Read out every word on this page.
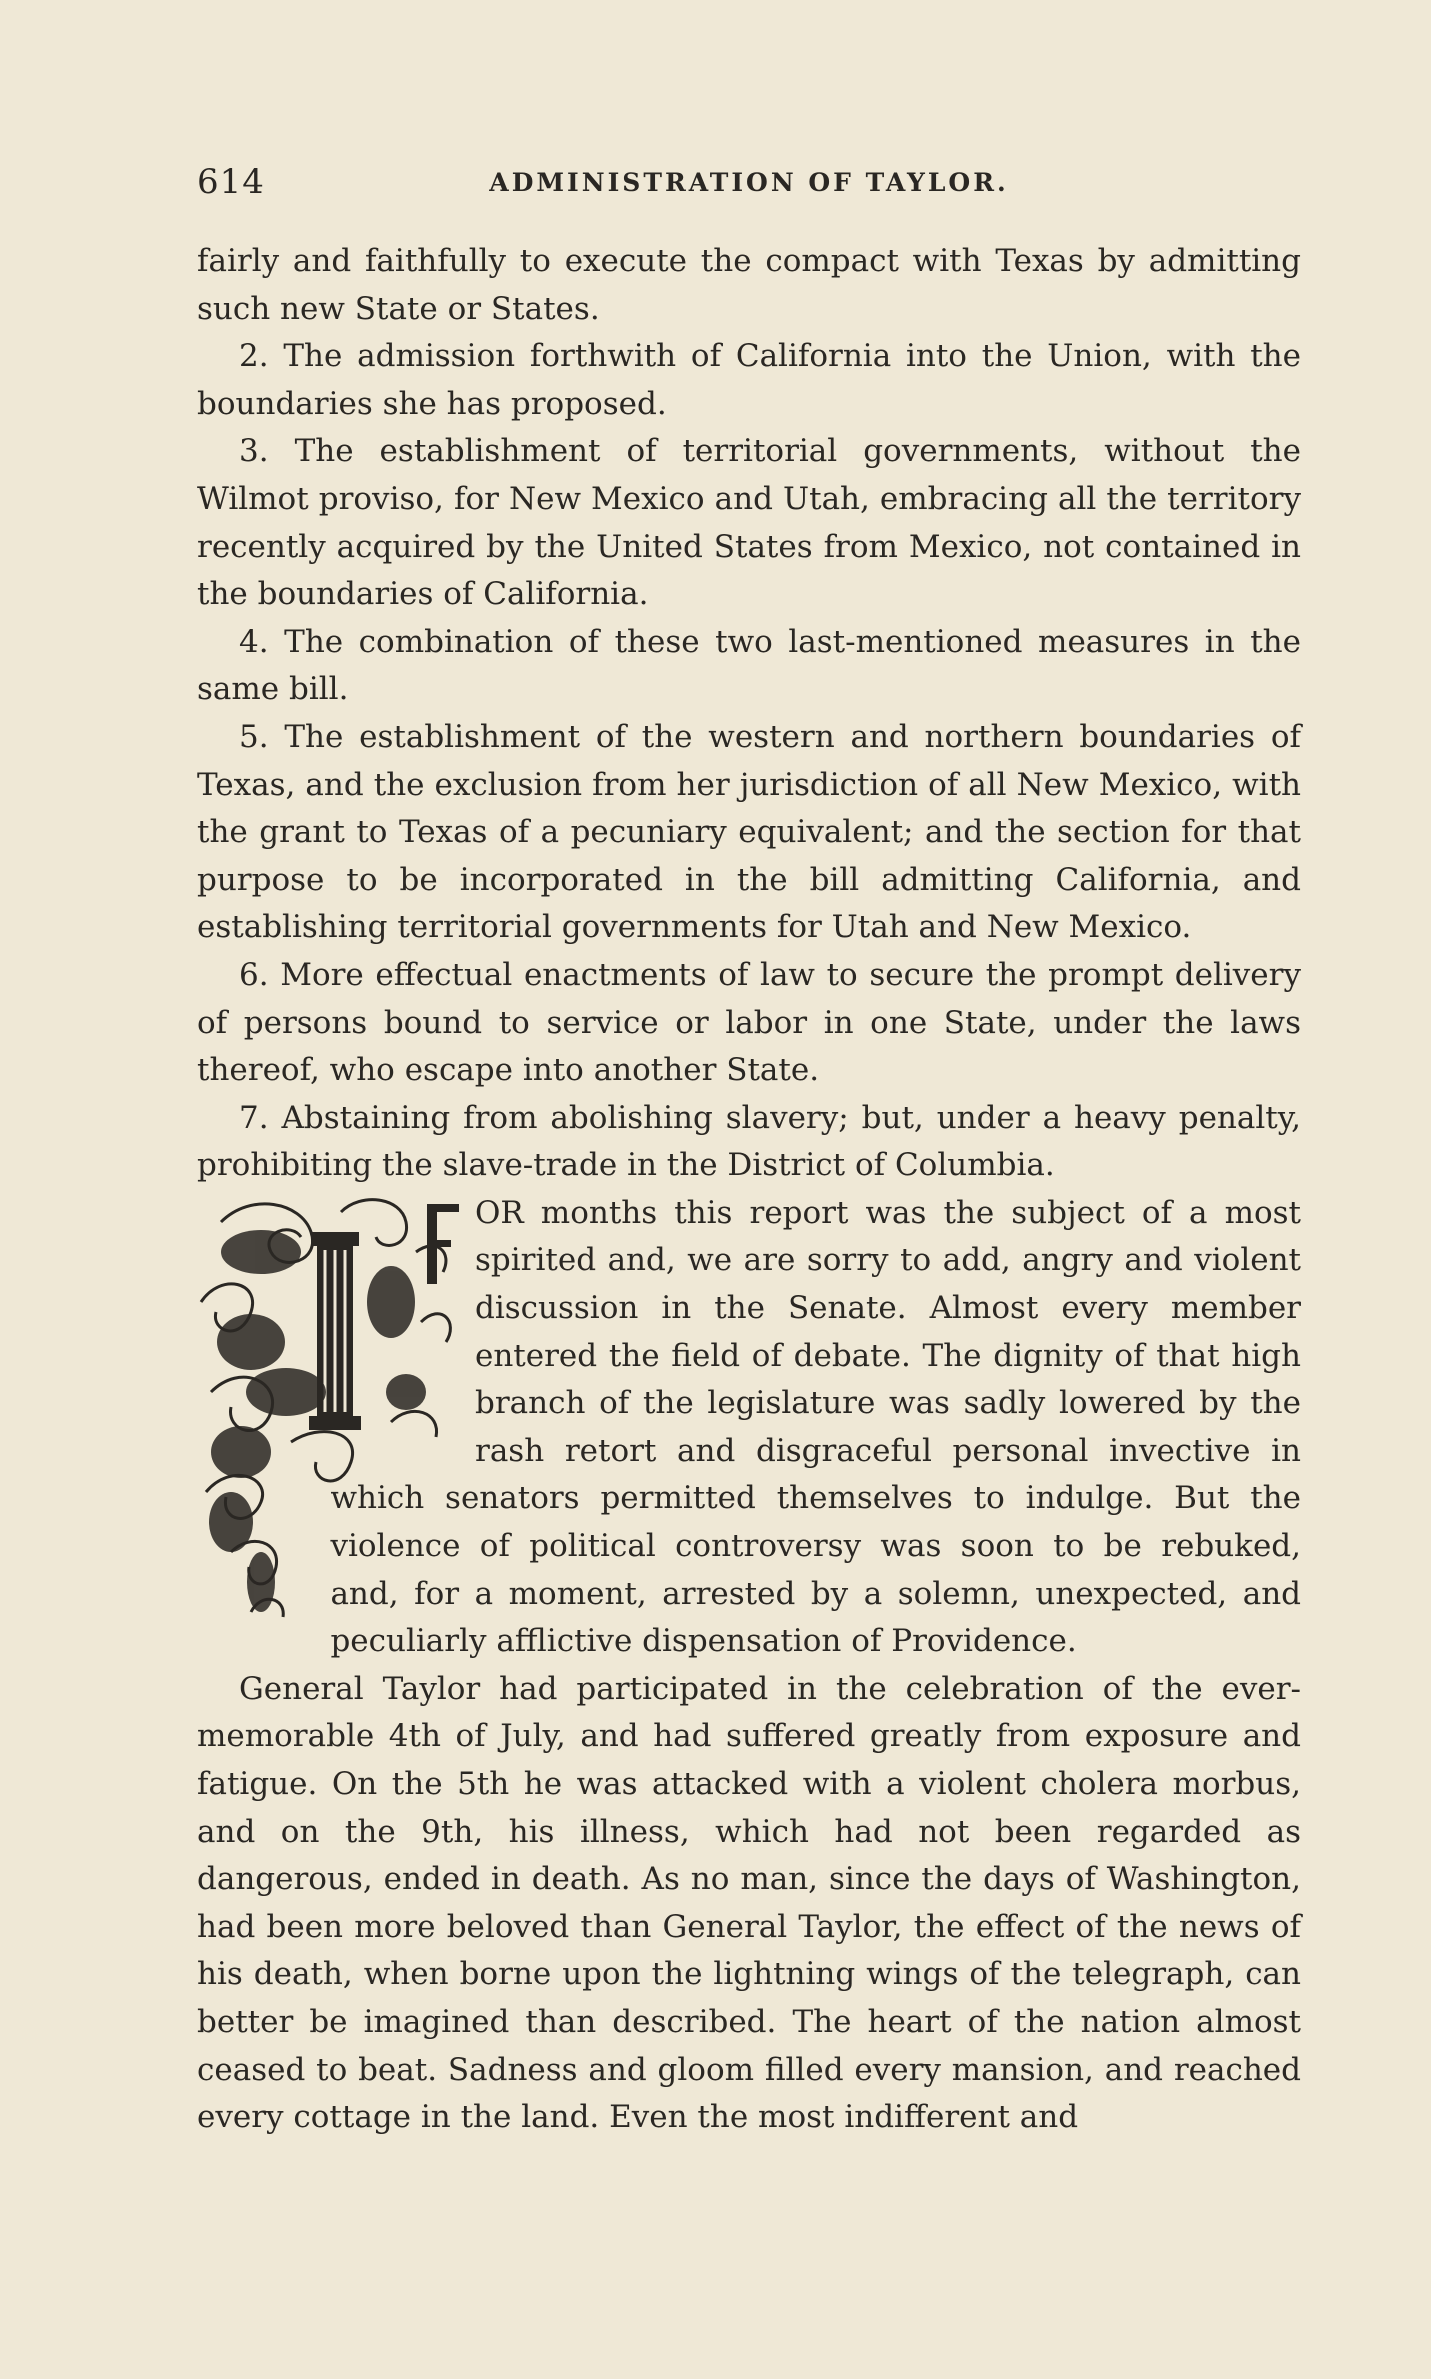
614	ADMINISTRATION OF TAYLOR.

fairly and faithfully to execute the compact with Texas by admitting such new State or States.

2. The admission forthwith of California into the Union, with the boundaries she has proposed.

3. The establishment of territorial governments, without the Wilmot proviso, for New Mexico and Utah, embracing all the territory recently acquired by the United States from Mexico, not contained in the boundaries of California.

4. The combination of these two last-mentioned measures in the same bill.

5. The establishment of the western and northern boundaries of Texas, and the exclusion from her jurisdiction of all New Mexico, with the grant to Texas of a pecuniary equivalent; and the section for that purpose to be incorporated in the bill admitting California, and establishing territorial governments for Utah and New Mexico.

6. More effectual enactments of law to secure the prompt delivery of persons bound to service or labor in one State, under the laws thereof, who escape into another State.

7. Abstaining from abolishing slavery; but, under a heavy penalty, prohibiting the slave-trade in the District of Columbia.

OR months this report was the subject of a most spirited and, we are sorry to add, angry and violent discussion in the Senate. Almost every member entered the field of debate. The dignity of that high branch of the legislature was sadly lowered by the rash retort and disgraceful personal invective in which senators permitted themselves to indulge. But the violence of political controversy was soon to be rebuked, and, for a moment, arrested by a solemn, unexpected, and peculiarly afflictive dispensation of Providence.

General Taylor had participated in the celebration of the ever-memorable 4th of July, and had suffered greatly from exposure and fatigue. On the 5th he was attacked with a violent cholera morbus, and on the 9th, his illness, which had not been regarded as dangerous, ended in death. As no man, since the days of Washington, had been more beloved than General Taylor, the effect of the news of his death, when borne upon the lightning wings of the telegraph, can better be imagined than described. The heart of the nation almost ceased to beat. Sadness and gloom filled every mansion, and reached every cottage in the land. Even the most indifferent and
